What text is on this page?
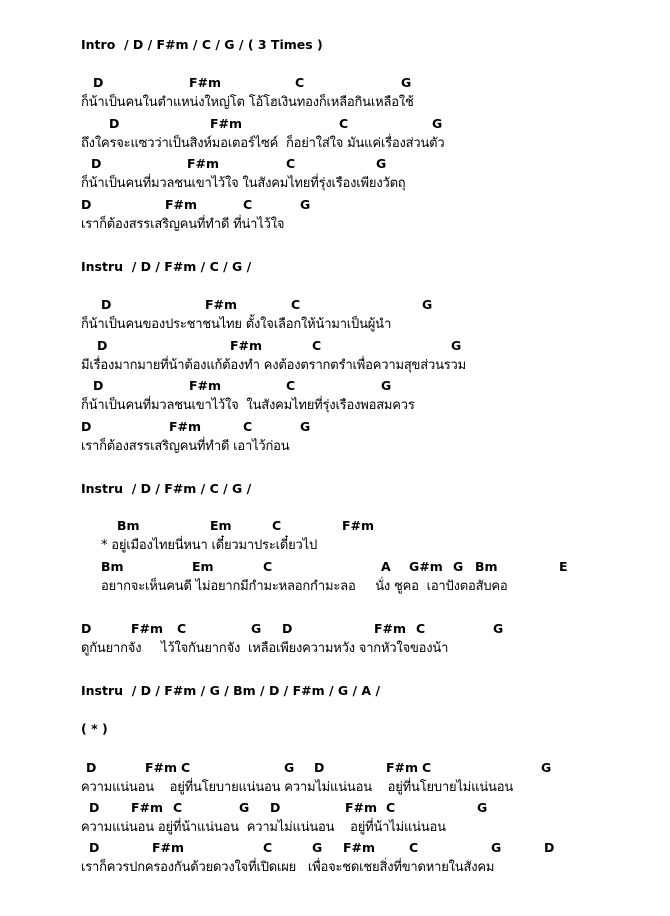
Intro  / D / F#m / C / G / ( 3 Times )
D	F#m	C	G
ก็น้าเป็นคนในตำแหน่งใหญ่โต โอ้โฮเงินทองก็เหลือกินเหลือใช้
D	F#m	C	G
ถึงใครจะแซวว่าเป็นสิงห์มอเตอร์ไซค์  ก็อย่าใส่ใจ มันแค่เรื่องส่วนตัว
D	F#m	C	G
ก็น้าเป็นคนที่มวลชนเขาไว้ใจ ในสังคมไทยที่รุ่งเรืองเพียงวัตถุ
D	F#m	C	G
เราก็ต้องสรรเสริญคนที่ทำดี ที่น่าไว้ใจ
Instru  / D / F#m / C / G /
D	F#m	C	G
ก็น้าเป็นคนของประชาชนไทย ตั้งใจเลือกให้น้ามาเป็นผู้นำ
D	F#m	C	G
มีเรื่องมากมายที่น้าต้องแก้ต้องทำ คงต้องตรากตรำเพื่อความสุขส่วนรวม
D	F#m	C	G
ก็น้าเป็นคนที่มวลชนเขาไว้ใจ  ในสังคมไทยที่รุ่งเรืองพอสมควร
D	F#m	C	G
เราก็ต้องสรรเสริญคนที่ทำดี เอาไว้ก่อน
Instru  / D / F#m / C / G /
Bm	Em	C	F#m
* อยู่เมืองไทยนี่หนา เดี๋ยวมาประเดี๋ยวไป
Bm	Em	C	A G#m G Bm	E
อยากจะเห็นคนดี ไม่อยากมีกำมะหลอกกำมะลอ     นั่ง ชูคอ  เอาปังตอสับคอ
D	F#m C	G D	F#m C	G
ดูกันยากจัง     ไว้ใจกันยากจัง  เหลือเพียงความหวัง จากหัวใจของน้า
Instru  / D / F#m / G / Bm / D / F#m / G / A /
( * )
D	F#m C	G D	F#m C	G
ความแน่นอน    อยู่ที่นโยบายแน่นอน ความไม่แน่นอน    อยู่ที่นโยบายไม่แน่นอน
D	F#m C	G D	F#m C	G
ความแน่นอน อยู่ที่น้าแน่นอน  ความไม่แน่นอน    อยู่ที่น้าไม่แน่นอน
D	F#m	C	G F#m	C	G	D
เราก็ควรปกครองกันด้วยดวงใจที่เปิดเผย   เพื่อจะชดเชยสิ่งที่ขาดหายในสังคม
